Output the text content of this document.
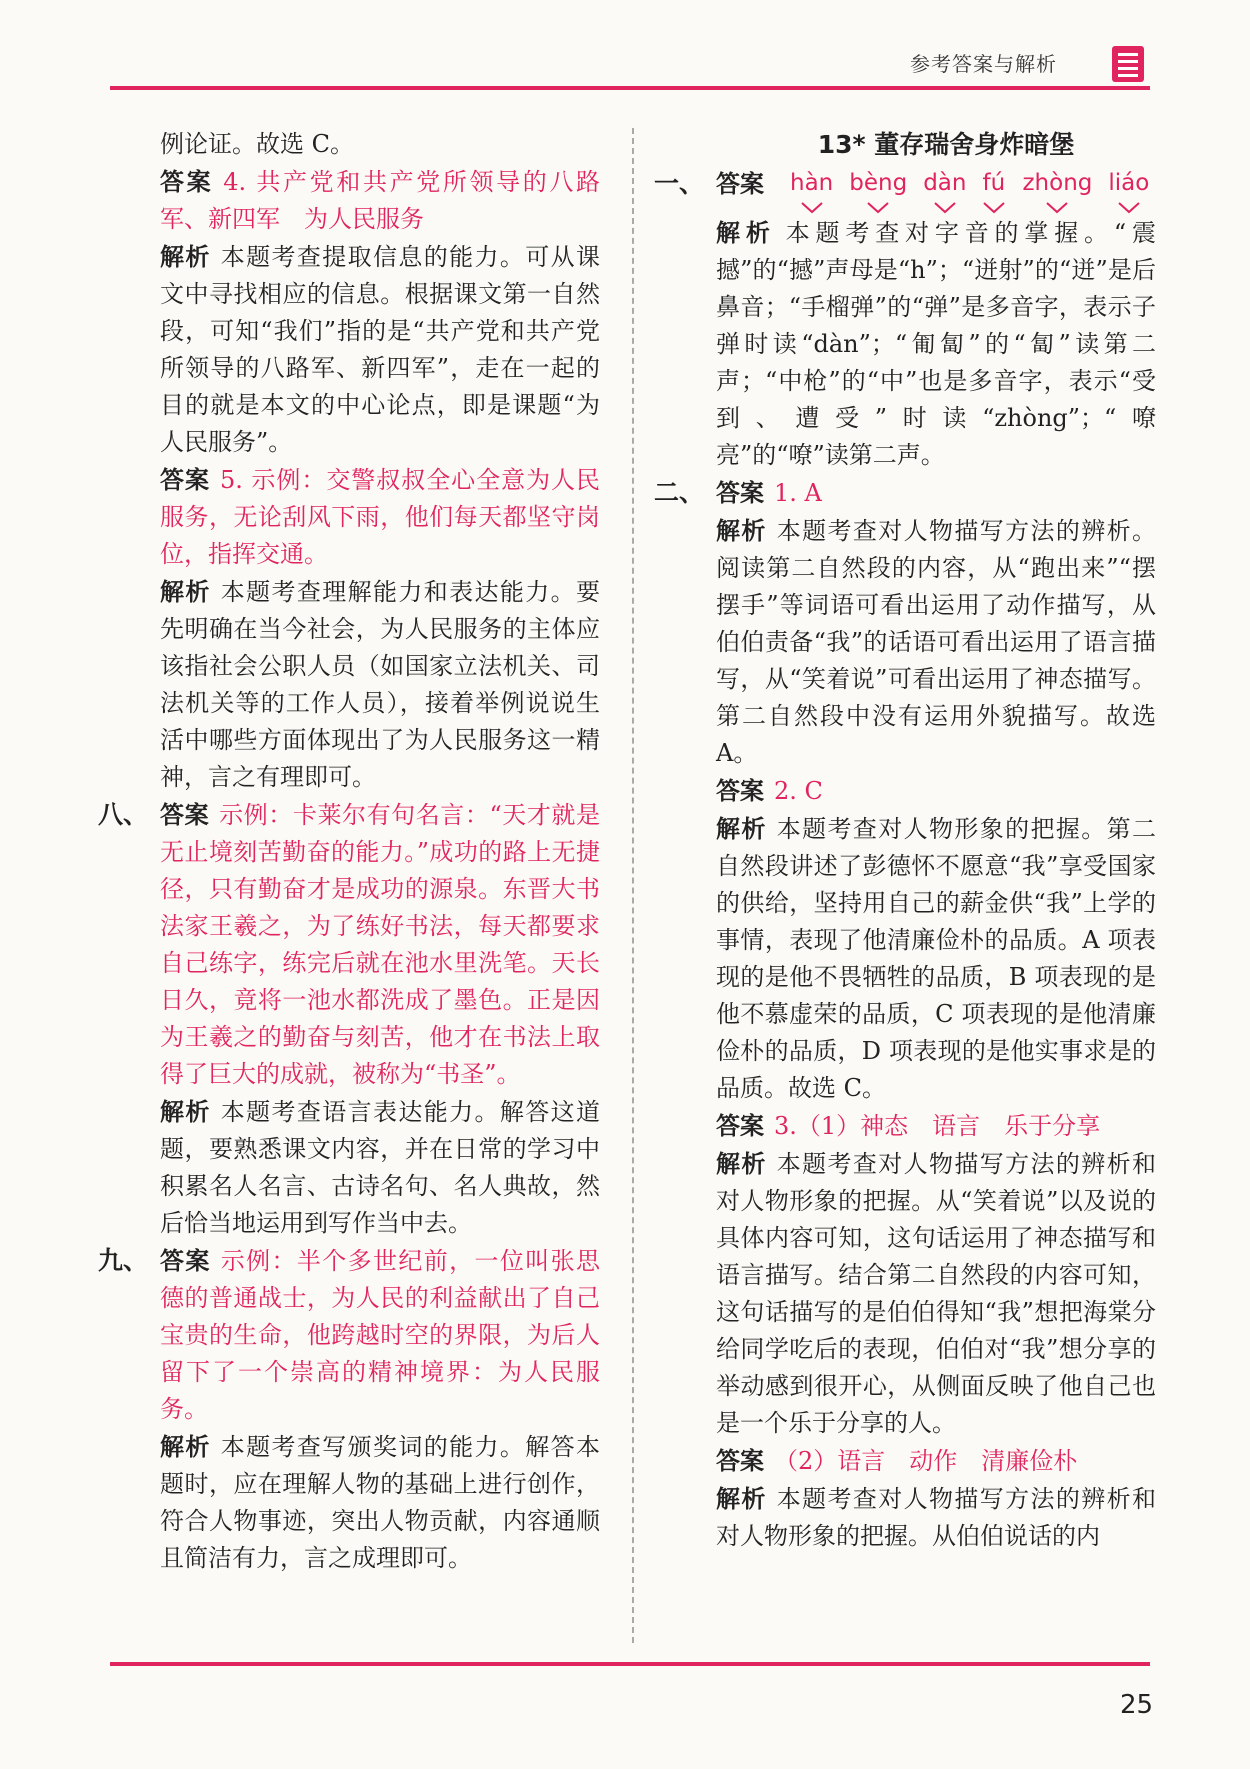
参考答案与解析

例论证。故选 C。

答案 4. 共产党和共产党所领导的八路军、新四军　为人民服务

解析 本题考查提取信息的能力。可从课文中寻找相应的信息。根据课文第一自然段，可知“我们”指的是“共产党和共产党所领导的八路军、新四军”，走在一起的目的就是本文的中心论点，即是课题“为人民服务”。

答案 5. 示例：交警叔叔全心全意为人民服务，无论刮风下雨，他们每天都坚守岗位，指挥交通。

解析 本题考查理解能力和表达能力。要先明确在当今社会，为人民服务的主体应该指社会公职人员（如国家立法机关、司法机关等的工作人员），接着举例说说生活中哪些方面体现出了为人民服务这一精神，言之有理即可。

八、 答案 示例：卡莱尔有句名言：“天才就是无止境刻苦勤奋的能力。”成功的路上无捷径，只有勤奋才是成功的源泉。东晋大书法家王羲之，为了练好书法，每天都要求自己练字，练完后就在池水里洗笔。天长日久，竟将一池水都洗成了墨色。正是因为王羲之的勤奋与刻苦，他才在书法上取得了巨大的成就，被称为“书圣”。

解析 本题考查语言表达能力。解答这道题，要熟悉课文内容，并在日常的学习中积累名人名言、古诗名句、名人典故，然后恰当地运用到写作当中去。

九、 答案 示例：半个多世纪前，一位叫张思德的普通战士，为人民的利益献出了自己宝贵的生命，他跨越时空的界限，为后人留下了一个崇高的精神境界：为人民服务。

解析 本题考查写颁奖词的能力。解答本题时，应在理解人物的基础上进行创作，符合人物事迹，突出人物贡献，内容通顺且简洁有力，言之成理即可。

13* 董存瑞舍身炸暗堡
一、 答案 hàn bèng dàn fú zhòng liáo

解析 本题考查对字音的掌握。“震撼”的“撼”声母是“h”；“迸射”的“迸”是后鼻音；“手榴弹”的“弹”是多音字，表示子弹时读“dàn”；“匍匐”的“匐”读第二声；“中枪”的“中”也是多音字，表示“受到、遭受”时读“zhòng”；“嘹亮”的“嘹”读第二声。

二、 答案 1. A

解析 本题考查对人物描写方法的辨析。阅读第二自然段的内容，从“跑出来”“摆摆手”等词语可看出运用了动作描写，从伯伯责备“我”的话语可看出运用了语言描写，从“笑着说”可看出运用了神态描写。第二自然段中没有运用外貌描写。故选 A。

答案 2. C

解析 本题考查对人物形象的把握。第二自然段讲述了彭德怀不愿意“我”享受国家的供给，坚持用自己的薪金供“我”上学的事情，表现了他清廉俭朴的品质。A 项表现的是他不畏牺牲的品质，B 项表现的是他不慕虚荣的品质，C 项表现的是他清廉俭朴的品质，D 项表现的是他实事求是的品质。故选 C。

答案 3.（1）神态　语言　乐于分享

解析 本题考查对人物描写方法的辨析和对人物形象的把握。从“笑着说”以及说的具体内容可知，这句话运用了神态描写和语言描写。结合第二自然段的内容可知，这句话描写的是伯伯得知“我”想把海棠分给同学吃后的表现，伯伯对“我”想分享的举动感到很开心，从侧面反映了他自己也是一个乐于分享的人。

答案 （2）语言　动作　清廉俭朴

解析 本题考查对人物描写方法的辨析和对人物形象的把握。从伯伯说话的内

25
